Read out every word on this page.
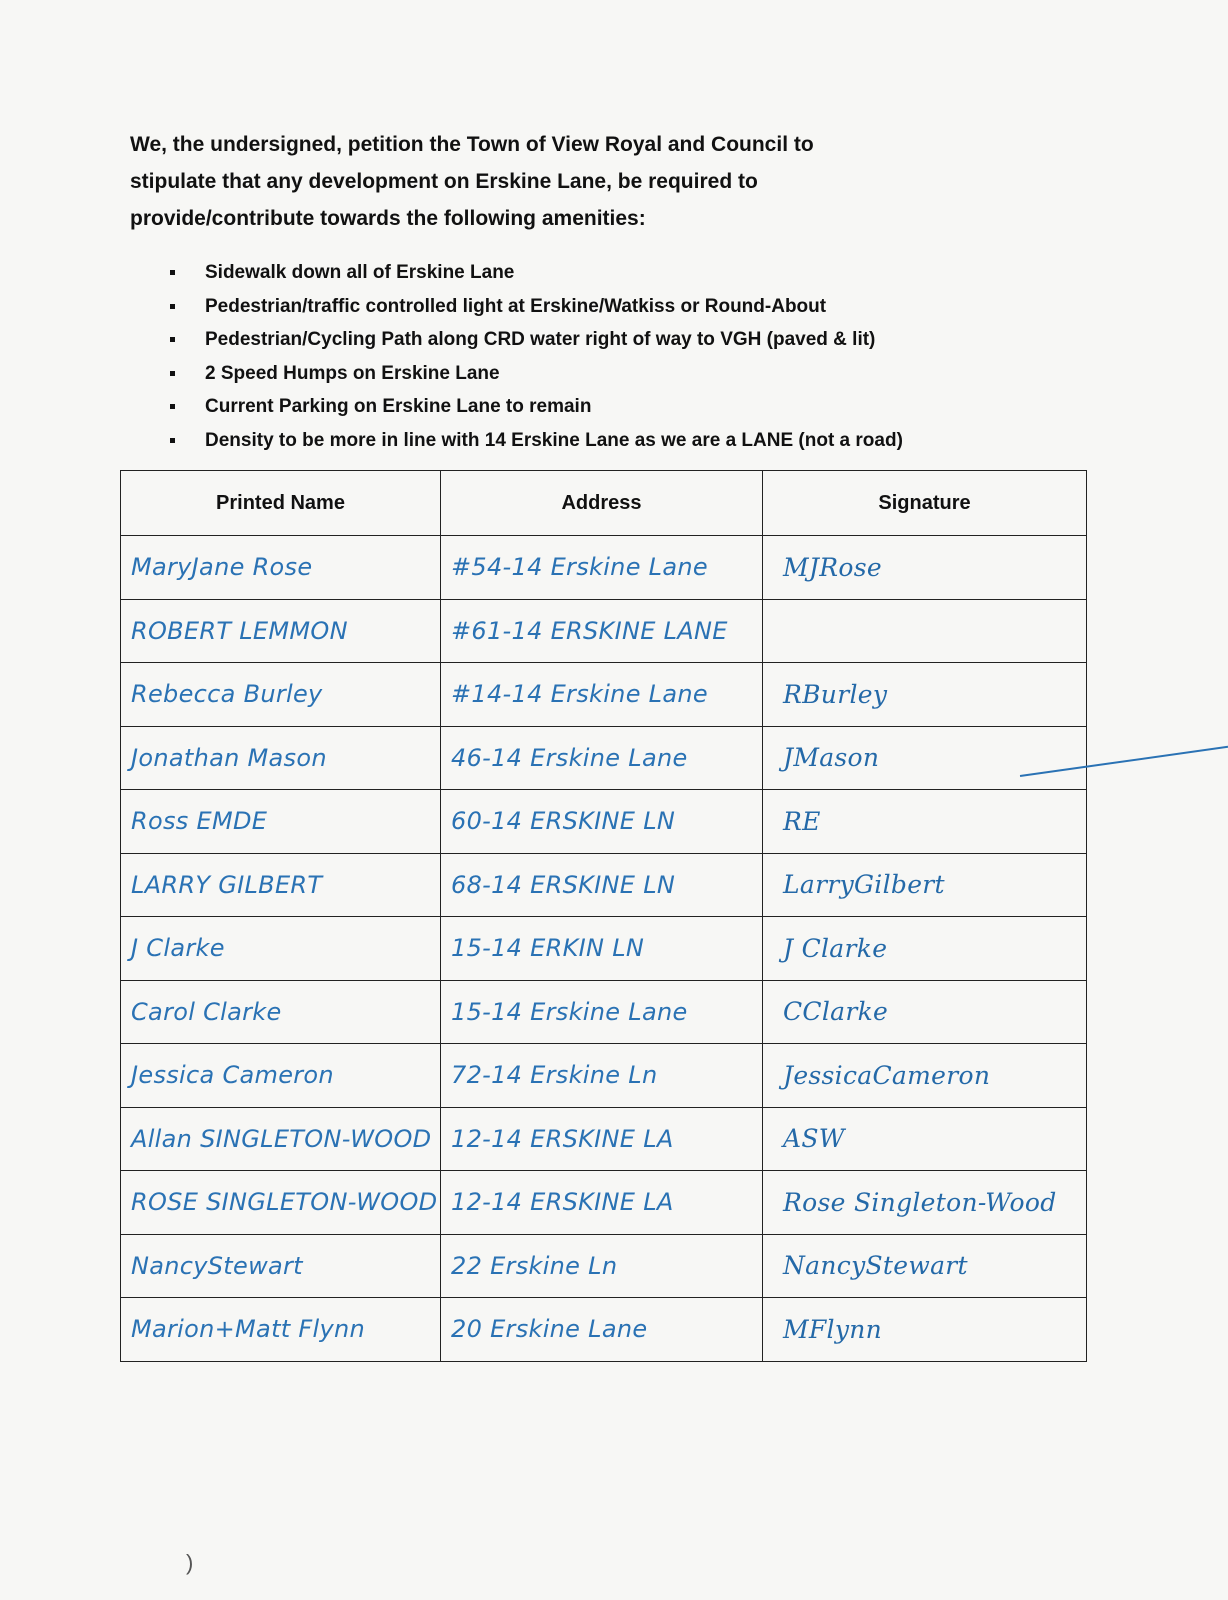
We, the undersigned, petition the Town of View Royal and Council to
stipulate that any development on Erskine Lane, be required to
provide/contribute towards the following amenities:

Sidewalk down all of Erskine Lane
Pedestrian/traffic controlled light at Erskine/Watkiss or Round-About
Pedestrian/Cycling Path along CRD water right of way to VGH (paved & lit)
2 Speed Humps on Erskine Lane
Current Parking on Erskine Lane to remain
Density to be more in line with 14 Erskine Lane as we are a LANE (not a road)
Printed Name	Address	Signature
MaryJane Rose	#54-14 Erskine Lane	MJRose
ROBERT LEMMON	#61-14 ERSKINE LANE	
Rebecca Burley	#14-14 Erskine Lane	RBurley
Jonathan Mason	46-14 Erskine Lane	JMason
Ross EMDE	60-14 ERSKINE LN	RE
LARRY GILBERT	68-14 ERSKINE LN	LarryGilbert
J Clarke	15-14 ERKIN LN	J Clarke
Carol Clarke	15-14 Erskine Lane	CClarke
Jessica Cameron	72-14 Erskine Ln	JessicaCameron
Allan SINGLETON-WOOD	12-14 ERSKINE LA	ASW
ROSE SINGLETON-WOOD	12-14 ERSKINE LA	Rose Singleton-Wood
NancyStewart	22 Erskine Ln	NancyStewart
Marion+Matt Flynn	20 Erskine Lane	MFlynn
)
